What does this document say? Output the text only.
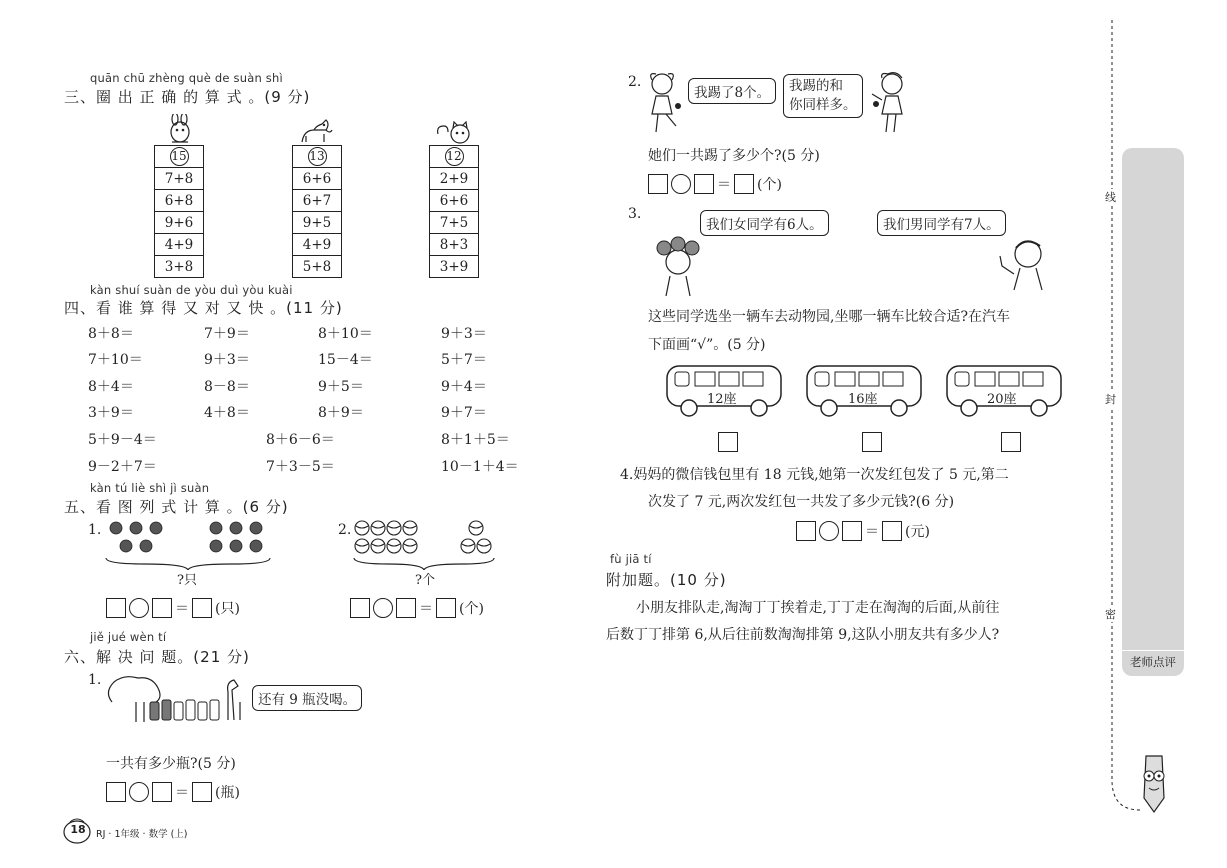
quān chū zhèng què de suàn shì
三、圈 出 正 确 的 算 式 。(9 分)
15
7+8
6+8
9+6
4+9
3+8
13
6+6
6+7
9+5
4+9
5+8
12
2+9
6+6
7+5
8+3
3+9
kàn shuí suàn de yòu duì yòu kuài
四、看 谁 算 得 又 对 又 快 。(11 分)
8＋8＝	7＋9＝	8＋10＝	9＋3＝
7＋10＝	9＋3＝	15－4＝	5＋7＝
8＋4＝	8－8＝	9＋5＝	9＋4＝
3＋9＝	4＋8＝	8＋9＝	9＋7＝
5＋9－4＝	8＋6－6＝	8＋1＋5＝
9－2＋7＝	7＋3－5＝	10－1＋4＝
kàn tú liè shì jì suàn
五、看 图 列 式 计 算 。(6 分)
1.
?只
＝ (只)
2.
?个
＝ (个)
jiě jué wèn tí
六、解 决 问 题。(21 分)
1.
还有 9 瓶没喝。
一共有多少瓶?(5 分)
＝ (瓶)
18 RJ · 1年级 · 数学 (上)
2.
我踢了8个。	我踢的和
你同样多。
她们一共踢了多少个?(5 分)
＝ (个)
3.
我们女同学有6人。	我们男同学有7人。
这些同学选坐一辆车去动物园,坐哪一辆车比较合适?在汽车
下面画“√”。(5 分)
12座	16座	20座
4.妈妈的微信钱包里有 18 元钱,她第一次发红包发了 5 元,第二
次发了 7 元,两次发红包一共发了多少元钱?(6 分)
＝ (元)
fù jiā tí
附加题。(10 分)
小朋友排队走,淘淘丁丁挨着走,丁丁走在淘淘的后面,从前往
后数丁丁排第 6,从后往前数淘淘排第 9,这队小朋友共有多少人?
老师点评
线
封
密
